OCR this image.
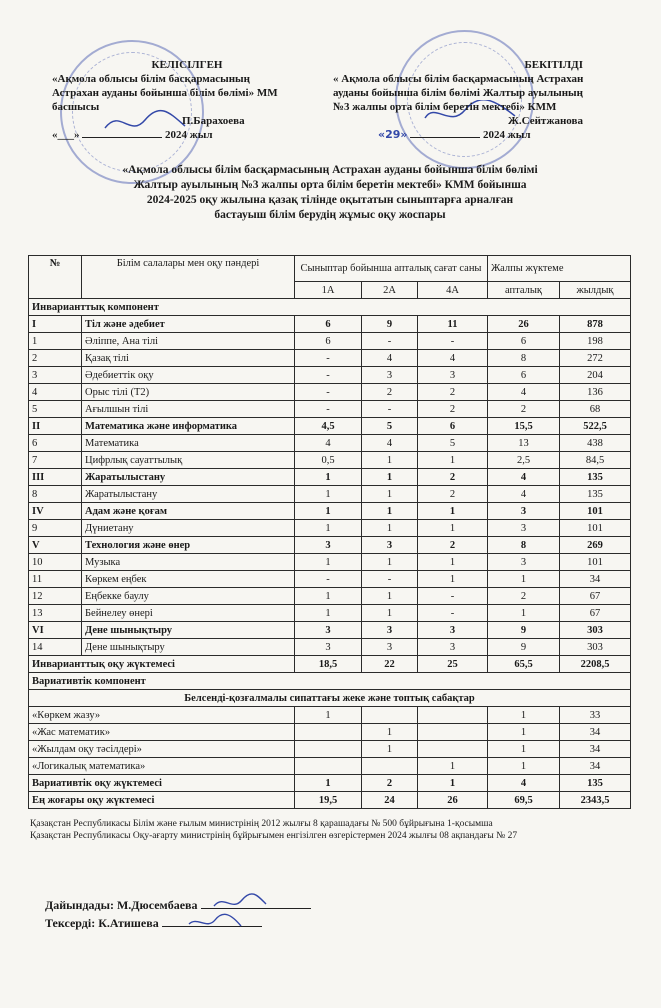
КЕЛІСІЛГЕН
«Ақмола облысы білім басқармасының
Астрахан ауданы бойынша білім бөлімі» ММ
басшысы
П.Барахоева
«___»	2024 жыл
БЕКІТІЛДІ
« Ақмола облысы білім басқармасының Астрахан
ауданы бойынша білім бөлімі Жалтыр ауылының
№3 жалпы орта білім беретін мектебі» КММ
Ж.Сейтжанова
«29»	2024 жыл
«Ақмола облысы білім басқармасының Астрахан ауданы бойынша білім бөлімі
Жалтыр ауылының №3 жалпы орта білім беретін мектебі» КММ бойынша
2024-2025 оқу жылына қазақ тілінде оқытатын сыныптарға арналған
бастауыш білім берудің жұмыс оқу жоспары
№	Білім салалары мен оқу пәндері	Сыныптар бойынша апталық сағат саны			Жалпы жүктеме	
		1А	2А	4А	апталық	жылдық
Инварианттық компонент						
I	Тіл және әдебиет	6	9	11	26	878
1	Әліппе, Ана тілі	6	-	-	6	198
2	Қазақ тілі	-	4	4	8	272
3	Әдебиеттік оқу	-	3	3	6	204
4	Орыс тілі (Т2)	-	2	2	4	136
5	Ағылшын тілі	-	-	2	2	68
II	Математика және информатика	4,5	5	6	15,5	522,5
6	Математика	4	4	5	13	438
7	Цифрлық сауаттылық	0,5	1	1	2,5	84,5
III	Жаратылыстану	1	1	2	4	135
8	Жаратылыстану	1	1	2	4	135
IV	Адам және қоғам	1	1	1	3	101
9	Дүниетану	1	1	1	3	101
V	Технология және өнер	3	3	2	8	269
10	Музыка	1	1	1	3	101
11	Көркем еңбек	-	-	1	1	34
12	Еңбекке баулу	1	1	-	2	67
13	Бейнелеу өнері	1	1	-	1	67
VI	Дене шынықтыру	3	3	3	9	303
14	Дене шынықтыру	3	3	3	9	303
Инварианттық оқу жүктемесі		18,5	22	25	65,5	2208,5
Вариативтік компонент						
Белсенді-қозғалмалы сипаттағы жеке және топтық сабақтар						
«Көркем жазу»		1			1	33
«Жас математик»			1		1	34
«Жылдам оқу тәсілдері»			1		1	34
«Логикалық математика»				1	1	34
Вариативтік оқу жүктемесі		1	2	1	4	135
Ең жоғары оқу жүктемесі		19,5	24	26	69,5	2343,5
Қазақстан Республикасы Білім және ғылым министрінің 2012 жылғы 8 қарашадағы № 500 бұйрығына 1-қосымша
Қазақстан Республикасы Оқу-ағарту министрінің бұйрығымен енгізілген өзгерістермен 2024 жылғы 08 ақпандағы № 27
Дайындады: М.Дюсембаева
Тексерді: К.Атишева
